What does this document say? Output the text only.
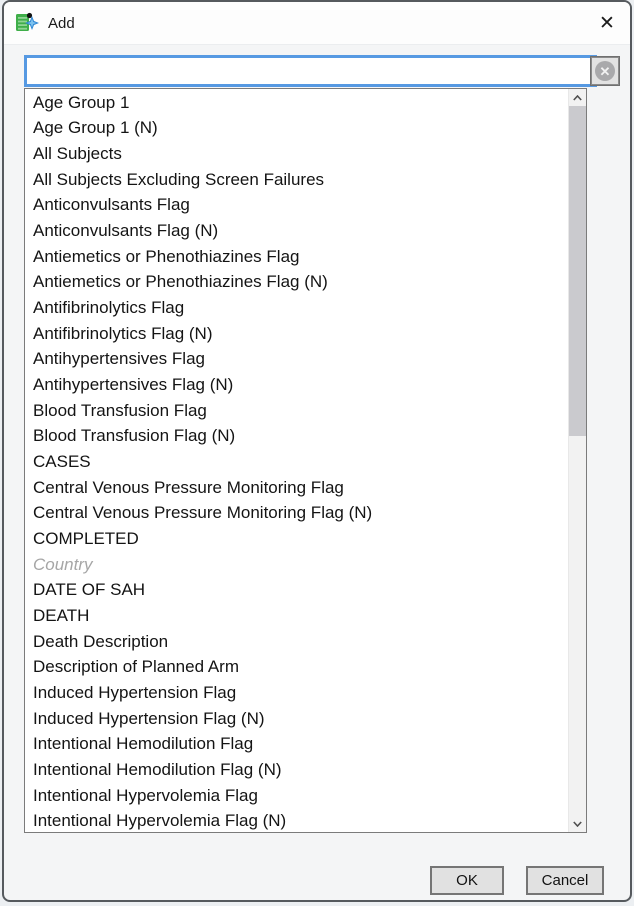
Add	✕
✕
Age Group 1
Age Group 1 (N)
All Subjects
All Subjects Excluding Screen Failures
Anticonvulsants Flag
Anticonvulsants Flag (N)
Antiemetics or Phenothiazines Flag
Antiemetics or Phenothiazines Flag (N)
Antifibrinolytics Flag
Antifibrinolytics Flag (N)
Antihypertensives Flag
Antihypertensives Flag (N)
Blood Transfusion Flag
Blood Transfusion Flag (N)
CASES
Central Venous Pressure Monitoring Flag
Central Venous Pressure Monitoring Flag (N)
COMPLETED
Country
DATE OF SAH
DEATH
Death Description
Description of Planned Arm
Induced Hypertension Flag
Induced Hypertension Flag (N)
Intentional Hemodilution Flag
Intentional Hemodilution Flag (N)
Intentional Hypervolemia Flag
Intentional Hypervolemia Flag (N)
OK	Cancel
